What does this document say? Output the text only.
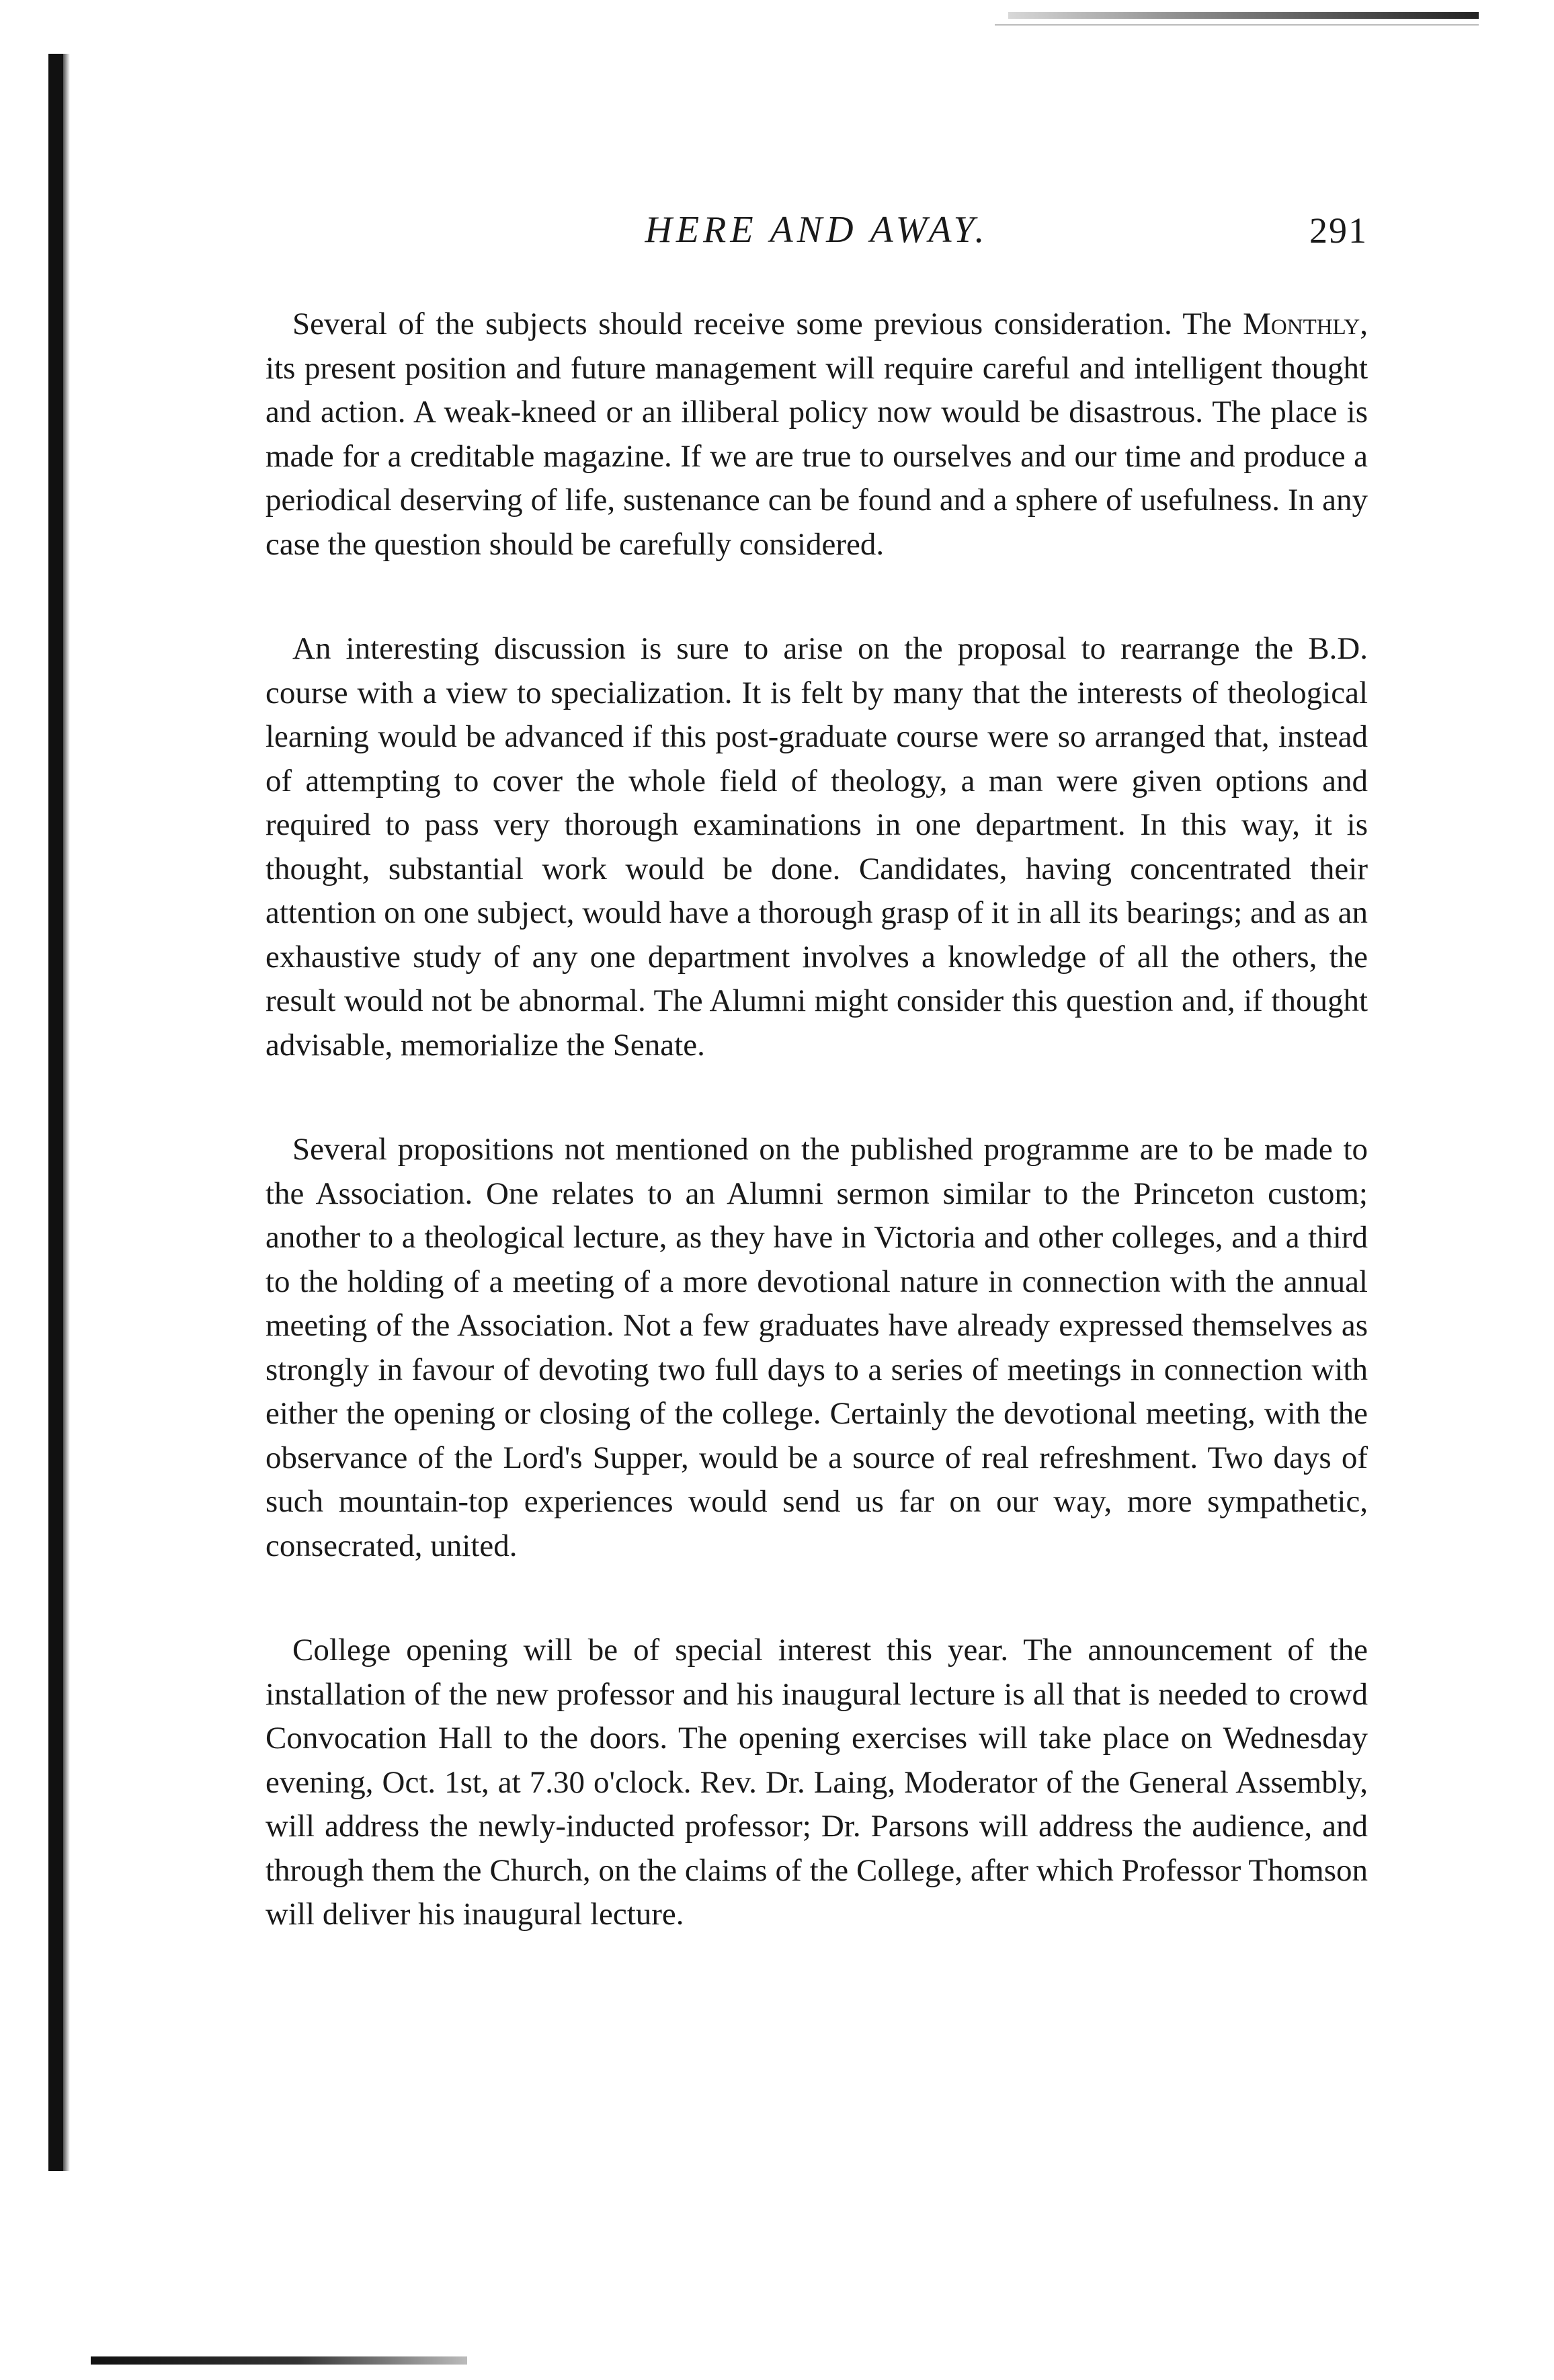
HERE AND AWAY.	291

Several of the subjects should receive some previous consideration. The Monthly, its present position and future management will require careful and intelligent thought and action. A weak-kneed or an illiberal policy now would be disastrous. The place is made for a creditable magazine. If we are true to ourselves and our time and produce a periodical deserving of life, sustenance can be found and a sphere of usefulness. In any case the question should be carefully considered.

An interesting discussion is sure to arise on the proposal to rearrange the B.D. course with a view to specialization. It is felt by many that the interests of theological learning would be advanced if this post-graduate course were so arranged that, instead of attempting to cover the whole field of theology, a man were given options and required to pass very thorough examinations in one department. In this way, it is thought, substantial work would be done. Candidates, having concentrated their attention on one subject, would have a thorough grasp of it in all its bearings; and as an exhaustive study of any one department involves a knowledge of all the others, the result would not be abnormal. The Alumni might consider this question and, if thought advisable, memorialize the Senate.

Several propositions not mentioned on the published programme are to be made to the Association. One relates to an Alumni sermon similar to the Princeton custom; another to a theological lecture, as they have in Victoria and other colleges, and a third to the holding of a meeting of a more devotional nature in connection with the annual meeting of the Association. Not a few graduates have already expressed themselves as strongly in favour of devoting two full days to a series of meetings in connection with either the opening or closing of the college. Certainly the devotional meeting, with the observance of the Lord's Supper, would be a source of real refreshment. Two days of such mountain-top experiences would send us far on our way, more sympathetic, consecrated, united.

College opening will be of special interest this year. The announcement of the installation of the new professor and his inaugural lecture is all that is needed to crowd Convocation Hall to the doors. The opening exercises will take place on Wednesday evening, Oct. 1st, at 7.30 o'clock. Rev. Dr. Laing, Moderator of the General Assembly, will address the newly-inducted professor; Dr. Parsons will address the audience, and through them the Church, on the claims of the College, after which Professor Thomson will deliver his inaugural lecture.
